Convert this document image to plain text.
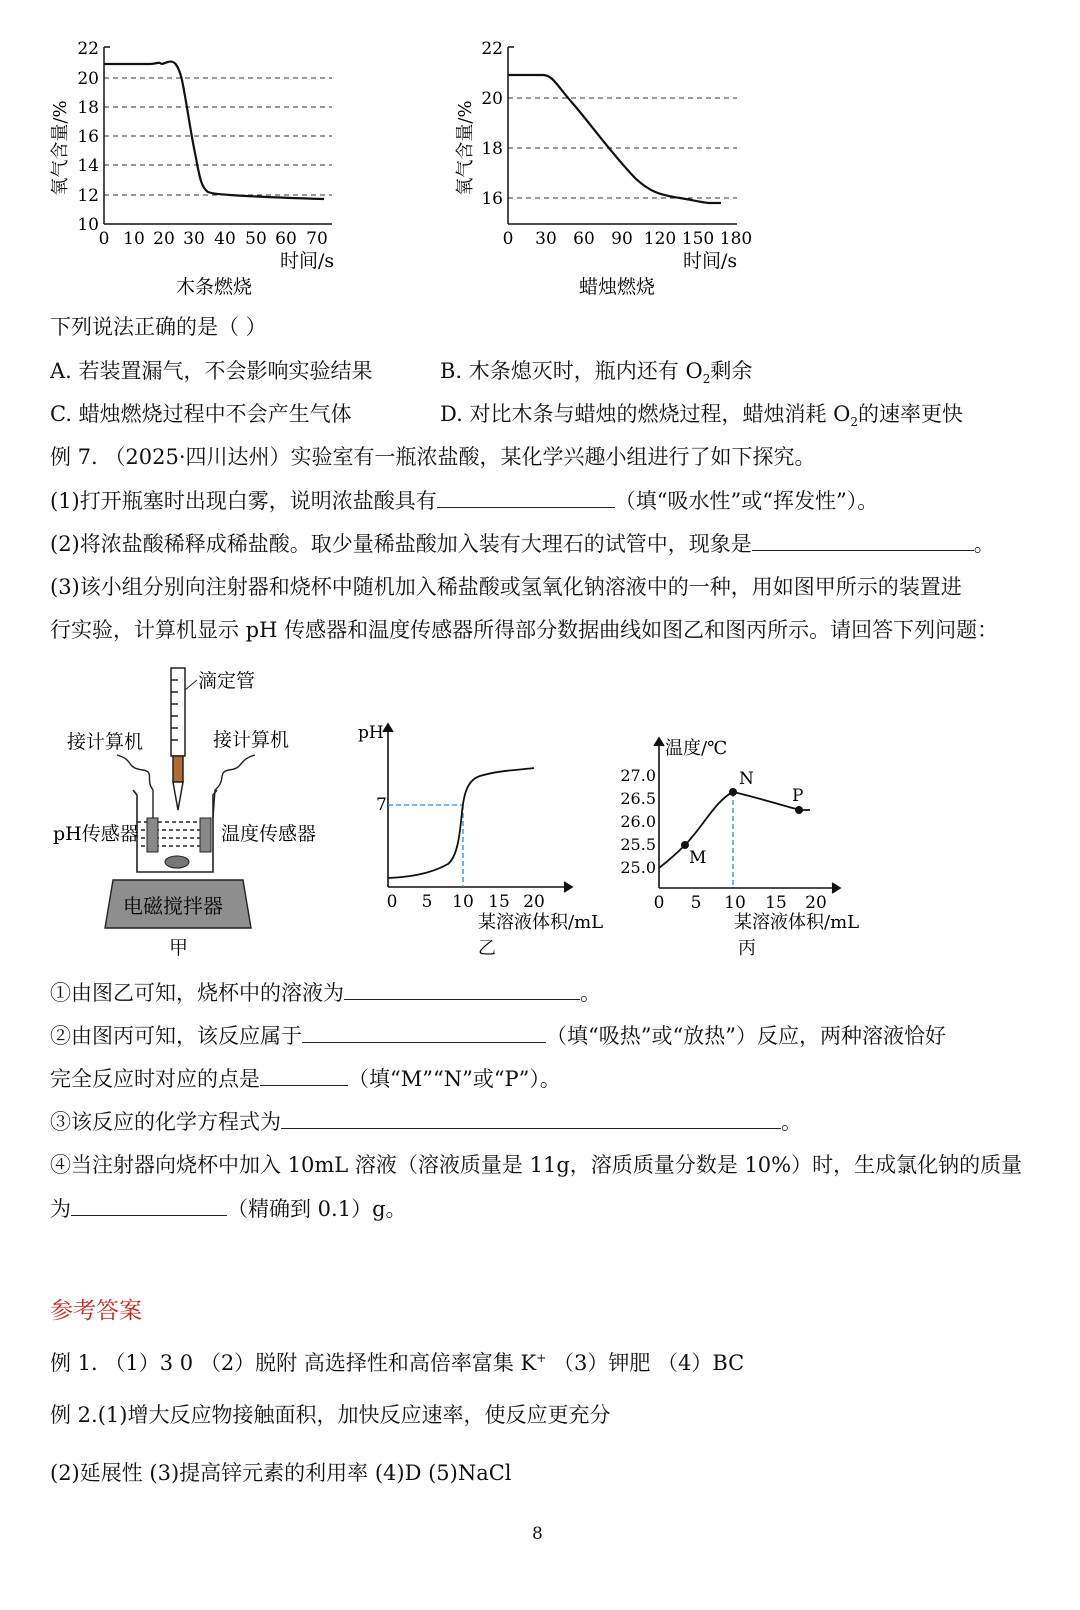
10
12
14
16
18
20
22
0 10 20 30 40 50 60 70
氧气含量/%
时间/s
木条燃烧
16
18
20
22
0 30 60 90 120 150 180
氧气含量/%
时间/s
蜡烛燃烧
下列说法正确的是（ ）
A. 若装置漏气，不会影响实验结果	B. 木条熄灭时，瓶内还有 $O_2$剩余
C. 蜡烛燃烧过程中不会产生气体	D. 对比木条与蜡烛的燃烧过程，蜡烛消耗 $O_2$的速率更快
例 7. （2025·四川达州）实验室有一瓶浓盐酸，某化学兴趣小组进行了如下探究。
(1)打开瓶塞时出现白雾，说明浓盐酸具有	（填“吸水性”或“挥发性”）。
(2)将浓盐酸稀释成稀盐酸。取少量稀盐酸加入装有大理石的试管中，现象是	。
(3)该小组分别向注射器和烧杯中随机加入稀盐酸或氢氧化钠溶液中的一种，用如图甲所示的装置进
行实验，计算机显示 pH 传感器和温度传感器所得部分数据曲线如图乙和图丙所示。请回答下列问题：
滴定管
接计算机	接计算机
pH传感器	温度传感器
电磁搅拌器
甲
pH
7
0 5 10 15 20
某溶液体积/mL
乙
温度/℃
25.0
25.5
26.0
26.5
27.0
M
N
P
0 5 10 15 20
某溶液体积/mL
丙
①由图乙可知，烧杯中的溶液为	。
②由图丙可知，该反应属于	（填“吸热”或“放热”）反应，两种溶液恰好
完全反应时对应的点是	（填“M”“N”或“P”）。
③该反应的化学方程式为	。
④当注射器向烧杯中加入 10mL 溶液（溶液质量是 11g，溶质质量分数是 10%）时，生成氯化钠的质量
为	（精确到 0.1）g。
参考答案
例 1. （1）3 0 （2）脱附 高选择性和高倍率富集 K+ （3）钾肥 （4）BC
例 2.(1)增大反应物接触面积，加快反应速率，使反应更充分
(2)延展性 (3)提高锌元素的利用率 (4)D (5)NaCl
8
